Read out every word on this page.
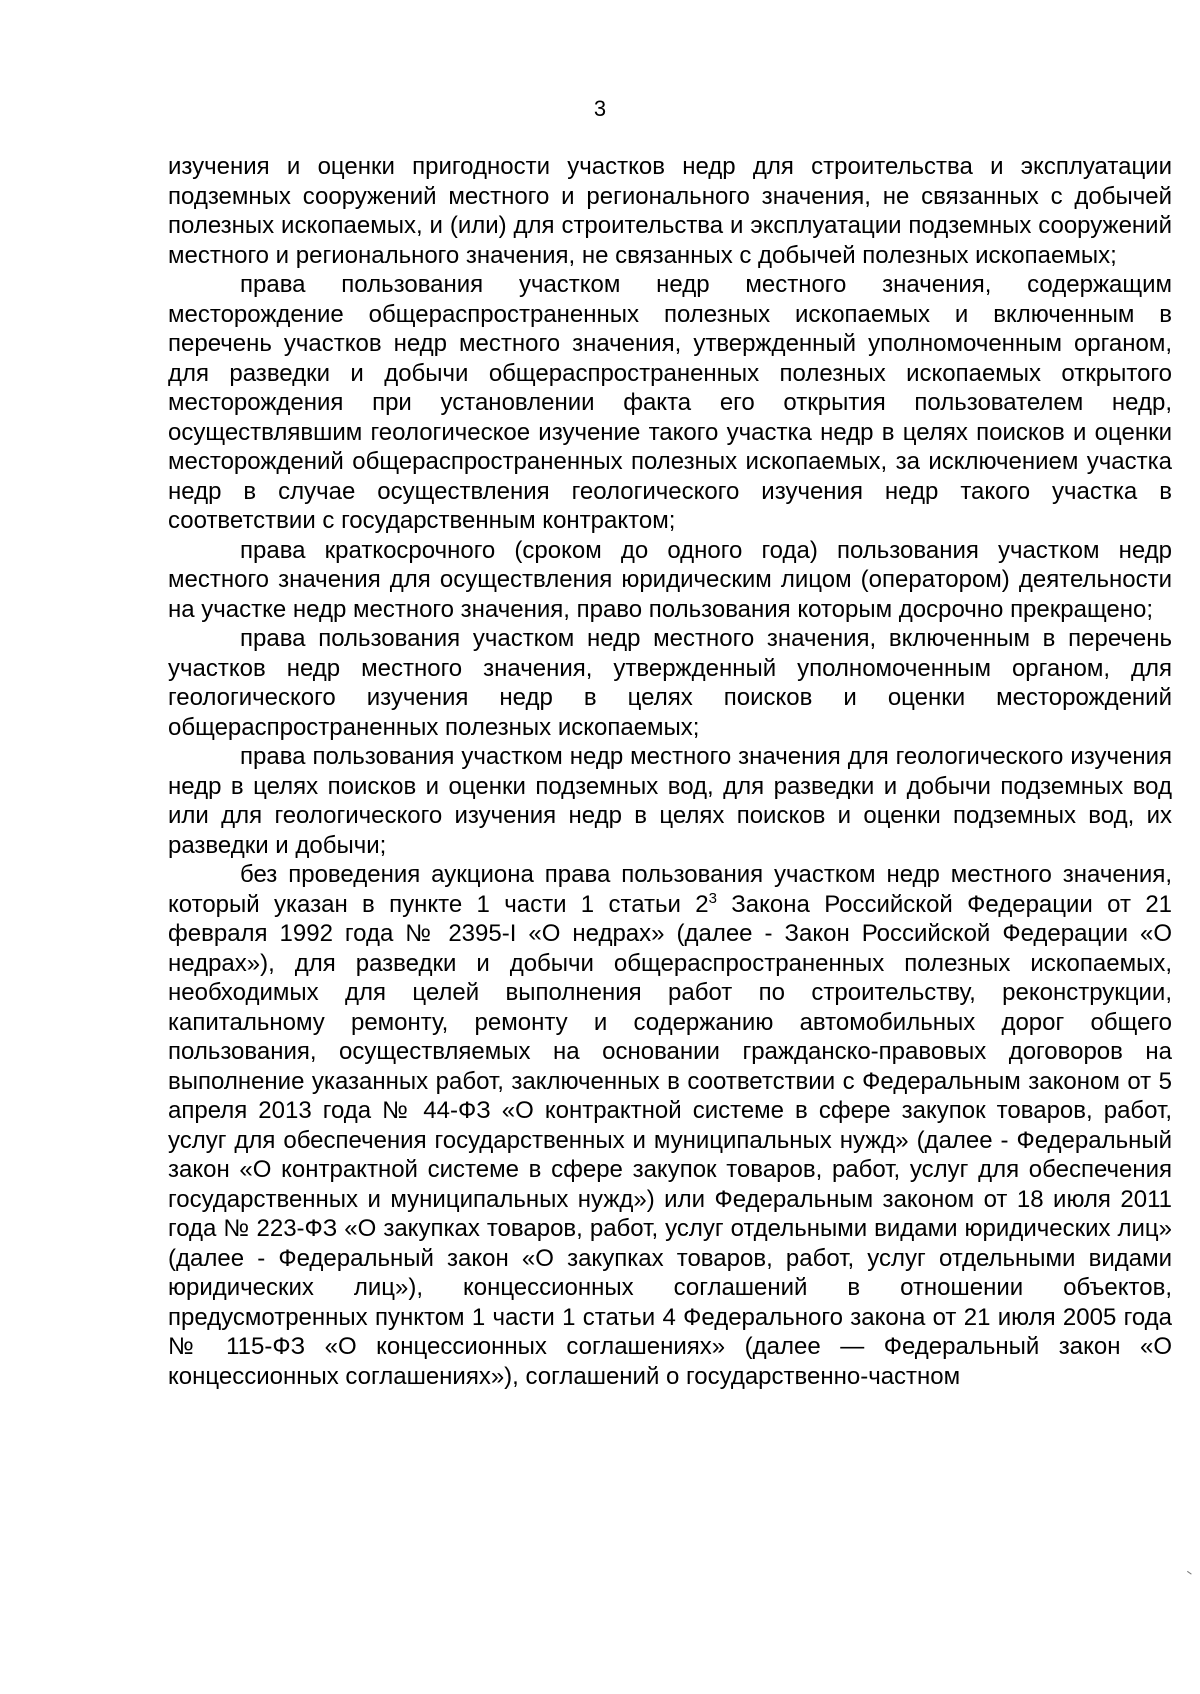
3

изучения и оценки пригодности участков недр для строительства и эксплуатации подземных сооружений местного и регионального значения, не связанных с добычей полезных ископаемых, и (или) для строительства и эксплуатации подземных сооружений местного и регионального значения, не связанных с добычей полезных ископаемых;

права пользования участком недр местного значения, содержащим месторождение общераспространенных полезных ископаемых и включенным в перечень участков недр местного значения, утвержденный уполномоченным органом, для разведки и добычи общераспространенных полезных ископаемых открытого месторождения при установлении факта его открытия пользователем недр, осуществлявшим геологическое изучение такого участка недр в целях поисков и оценки месторождений общераспространенных полезных ископаемых, за исключением участка недр в случае осуществления геологического изучения недр такого участка в соответствии с государственным контрактом;

права краткосрочного (сроком до одного года) пользования участком недр местного значения для осуществления юридическим лицом (оператором) деятельности на участке недр местного значения, право пользования которым досрочно прекращено;

права пользования участком недр местного значения, включенным в перечень участков недр местного значения, утвержденный уполномоченным органом, для геологического изучения недр в целях поисков и оценки месторождений общераспространенных полезных ископаемых;

права пользования участком недр местного значения для геологического изучения недр в целях поисков и оценки подземных вод, для разведки и добычи подземных вод или для геологического изучения недр в целях поисков и оценки подземных вод, их разведки и добычи;

без проведения аукциона права пользования участком недр местного значения, который указан в пункте 1 части 1 статьи $2^3$ Закона Российской Федерации от 21 февраля 1992 года № 2395-I «О недрах» (далее - Закон Российской Федерации «О недрах»), для разведки и добычи общераспространенных полезных ископаемых, необходимых для целей выполнения работ по строительству, реконструкции, капитальному ремонту, ремонту и содержанию автомобильных дорог общего пользования, осуществляемых на основании гражданско-правовых договоров на выполнение указанных работ, заключенных в соответствии с Федеральным законом от 5 апреля 2013 года № 44-ФЗ «О контрактной системе в сфере закупок товаров, работ, услуг для обеспечения государственных и муниципальных нужд» (далее - Федеральный закон «О контрактной системе в сфере закупок товаров, работ, услуг для обеспечения государственных и муниципальных нужд») или Федеральным законом от 18 июля 2011 года № 223-ФЗ «О закупках товаров, работ, услуг отдельными видами юридических лиц» (далее - Федеральный закон «О закупках товаров, работ, услуг отдельными видами юридических лиц»), концессионных соглашений в отношении объектов, предусмотренных пунктом 1 части 1 статьи 4 Федерального закона от 21 июля 2005 года № 115-ФЗ «О концессионных соглашениях» (далее — Федеральный закон «О концессионных соглашениях»), соглашений о государственно-частном
